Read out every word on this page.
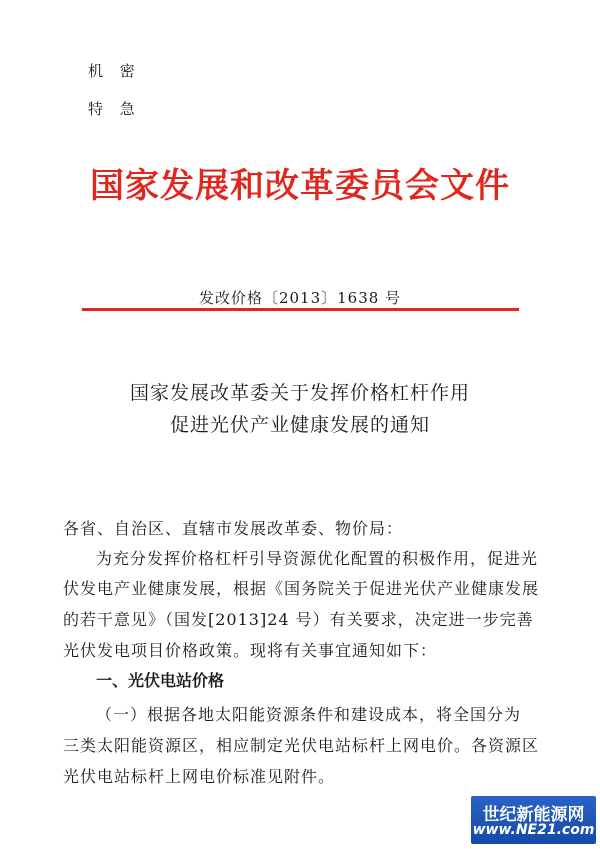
机 密

特 急

国家发展和改革委员会文件

发改价格〔2013〕1638 号

国家发展改革委关于发挥价格杠杆作用
促进光伏产业健康发展的通知

各省、自治区、直辖市发展改革委、物价局：

为充分发挥价格杠杆引导资源优化配置的积极作用，促进光

伏发电产业健康发展，根据《国务院关于促进光伏产业健康发展

的若干意见》（国发[2013]24 号）有关要求，决定进一步完善

光伏发电项目价格政策。现将有关事宜通知如下：

一、光伏电站价格

（一）根据各地太阳能资源条件和建设成本，将全国分为

三类太阳能资源区，相应制定光伏电站标杆上网电价。各资源区

光伏电站标杆上网电价标准见附件。

世纪新能源网
www.NE21.com
